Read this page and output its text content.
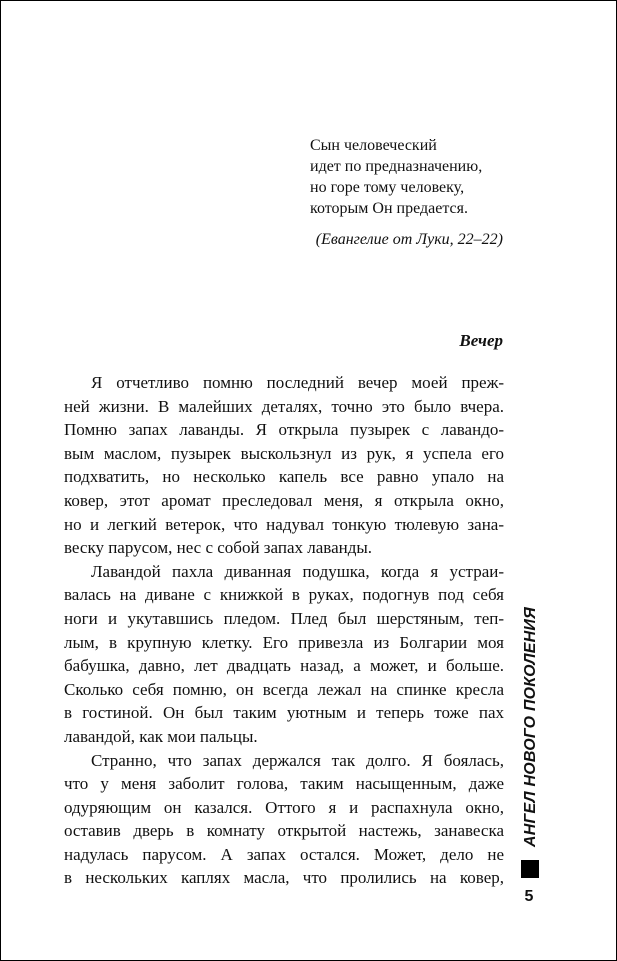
Сын человеческий
идет по предназначению,
но горе тому человеку,
которым Он предается.
(Евангелие от Луки, 22–22)
Вечер
Я отчетливо помню последний вечер моей преж-
ней жизни. В малейших деталях, точно это было вчера.
Помню запах лаванды. Я открыла пузырек с лавандо-
вым маслом, пузырек выскользнул из рук, я успела его
подхватить, но несколько капель все равно упало на
ковер, этот аромат преследовал меня, я открыла окно,
но и легкий ветерок, что надувал тонкую тюлевую зана-
веску парусом, нес с собой запах лаванды.
Лавандой пахла диванная подушка, когда я устраи-
валась на диване с книжкой в руках, подогнув под себя
ноги и укутавшись пледом. Плед был шерстяным, теп-
лым, в крупную клетку. Его привезла из Болгарии моя
бабушка, давно, лет двадцать назад, а может, и больше.
Сколько себя помню, он всегда лежал на спинке кресла
в гостиной. Он был таким уютным и теперь тоже пах
лавандой, как мои пальцы.
Странно, что запах держался так долго. Я боялась,
что у меня заболит голова, таким насыщенным, даже
одуряющим он казался. Оттого я и распахнула окно,
оставив дверь в комнату открытой настежь, занавеска
надулась парусом. А запах остался. Может, дело не
в нескольких каплях масла, что пролились на ковер,
АНГЕЛ НОВОГО ПОКОЛЕНИЯ
5
